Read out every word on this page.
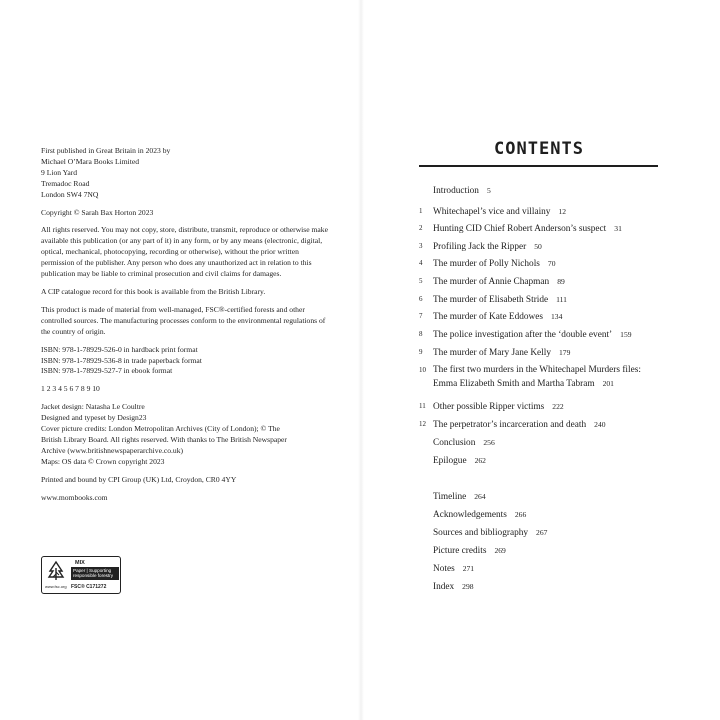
First published in Great Britain in 2023 by
Michael O’Mara Books Limited
9 Lion Yard
Tremadoc Road
London SW4 7NQ

Copyright © Sarah Bax Horton 2023

All rights reserved. You may not copy, store, distribute, transmit, reproduce or otherwise make available this publication (or any part of it) in any form, or by any means (electronic, digital, optical, mechanical, photocopying, recording or otherwise), without the prior written permission of the publisher. Any person who does any unauthorized act in relation to this publication may be liable to criminal prosecution and civil claims for damages.

A CIP catalogue record for this book is available from the British Library.

This product is made of material from well-managed, FSC®-certified forests and other controlled sources. The manufacturing processes conform to the environmental regulations of the country of origin.

ISBN: 978-1-78929-526-0 in hardback print format
ISBN: 978-1-78929-536-8 in trade paperback format
ISBN: 978-1-78929-527-7 in ebook format

1 2 3 4 5 6 7 8 9 10

Jacket design: Natasha Le Coultre
Designed and typeset by Design23
Cover picture credits: London Metropolitan Archives (City of London); © The
British Library Board. All rights reserved. With thanks to The British Newspaper
Archive (www.britishnewspaperarchive.co.uk)
Maps: OS data © Crown copyright 2023

Printed and bound by CPI Group (UK) Ltd, Croydon, CR0 4YY

www.mombooks.com

www.fsc.org
MIX
Paper | Supporting responsible forestry
FSC® C171272
CONTENTS
Introduction 5
1 Whitechapel’s vice and villainy 12
2 Hunting CID Chief Robert Anderson’s suspect 31
3 Profiling Jack the Ripper 50
4 The murder of Polly Nichols 70
5 The murder of Annie Chapman 89
6 The murder of Elisabeth Stride 111
7 The murder of Kate Eddowes 134
8 The police investigation after the ‘double event’ 159
9 The murder of Mary Jane Kelly 179
10 The first two murders in the Whitechapel Murders files:
Emma Elizabeth Smith and Martha Tabram 201
11 Other possible Ripper victims 222
12 The perpetrator’s incarceration and death 240
Conclusion 256
Epilogue 262
Timeline 264
Acknowledgements 266
Sources and bibliography 267
Picture credits 269
Notes 271
Index 298
